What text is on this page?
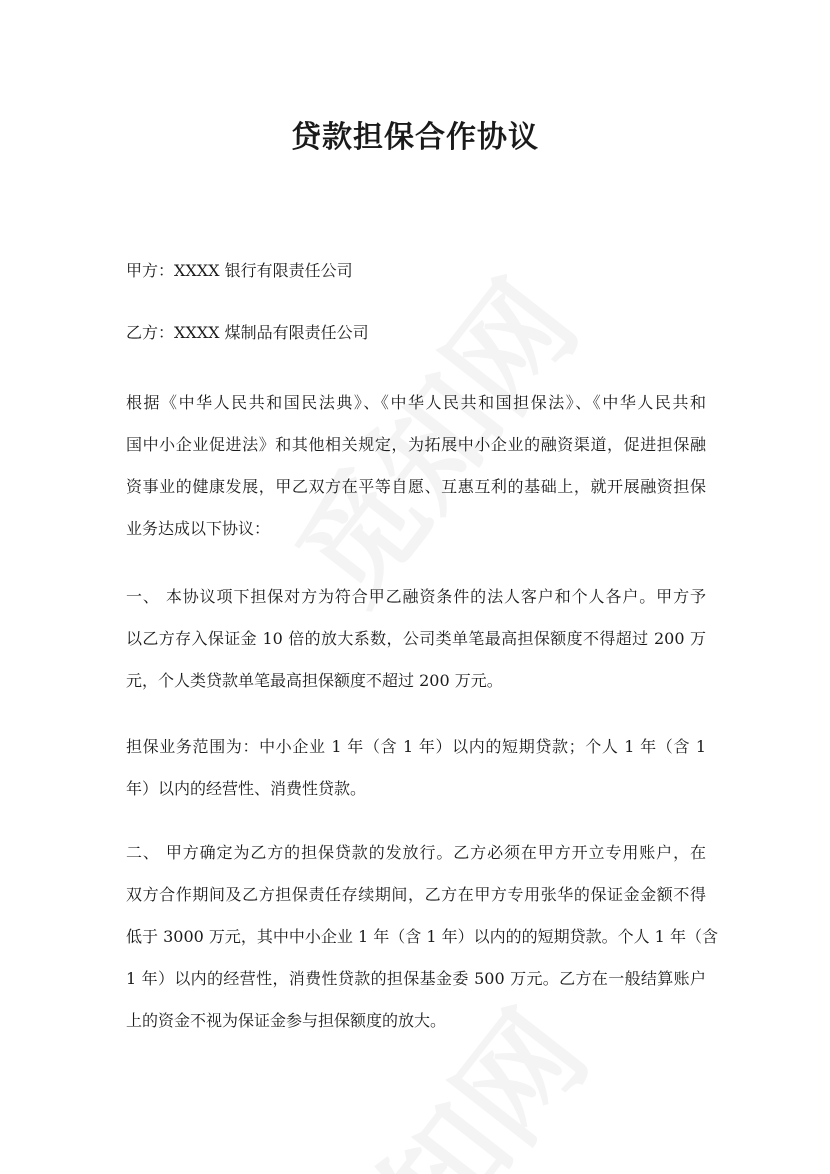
贷款担保合作协议
甲方：XXXX 银行有限责任公司
乙方：XXXX 煤制品有限责任公司
根据《中华人民共和国民法典》、《中华人民共和国担保法》、《中华人民共和
国中小企业促进法》和其他相关规定，为拓展中小企业的融资渠道，促进担保融
资事业的健康发展，甲乙双方在平等自愿、互惠互利的基础上，就开展融资担保
业务达成以下协议：
一、 本协议项下担保对方为符合甲乙融资条件的法人客户和个人各户。甲方予
以乙方存入保证金 10 倍的放大系数，公司类单笔最高担保额度不得超过 200 万
元，个人类贷款单笔最高担保额度不超过 200 万元。
担保业务范围为：中小企业 1 年（含 1 年）以内的短期贷款；个人 1 年（含 1
年）以内的经营性、消费性贷款。
二、 甲方确定为乙方的担保贷款的发放行。乙方必须在甲方开立专用账户，在
双方合作期间及乙方担保责任存续期间，乙方在甲方专用张华的保证金金额不得
低于 3000 万元，其中中小企业 1 年（含 1 年）以内的的短期贷款。个人 1 年（含
1 年）以内的经营性，消费性贷款的担保基金委 500 万元。乙方在一般结算账户
上的资金不视为保证金参与担保额度的放大。
